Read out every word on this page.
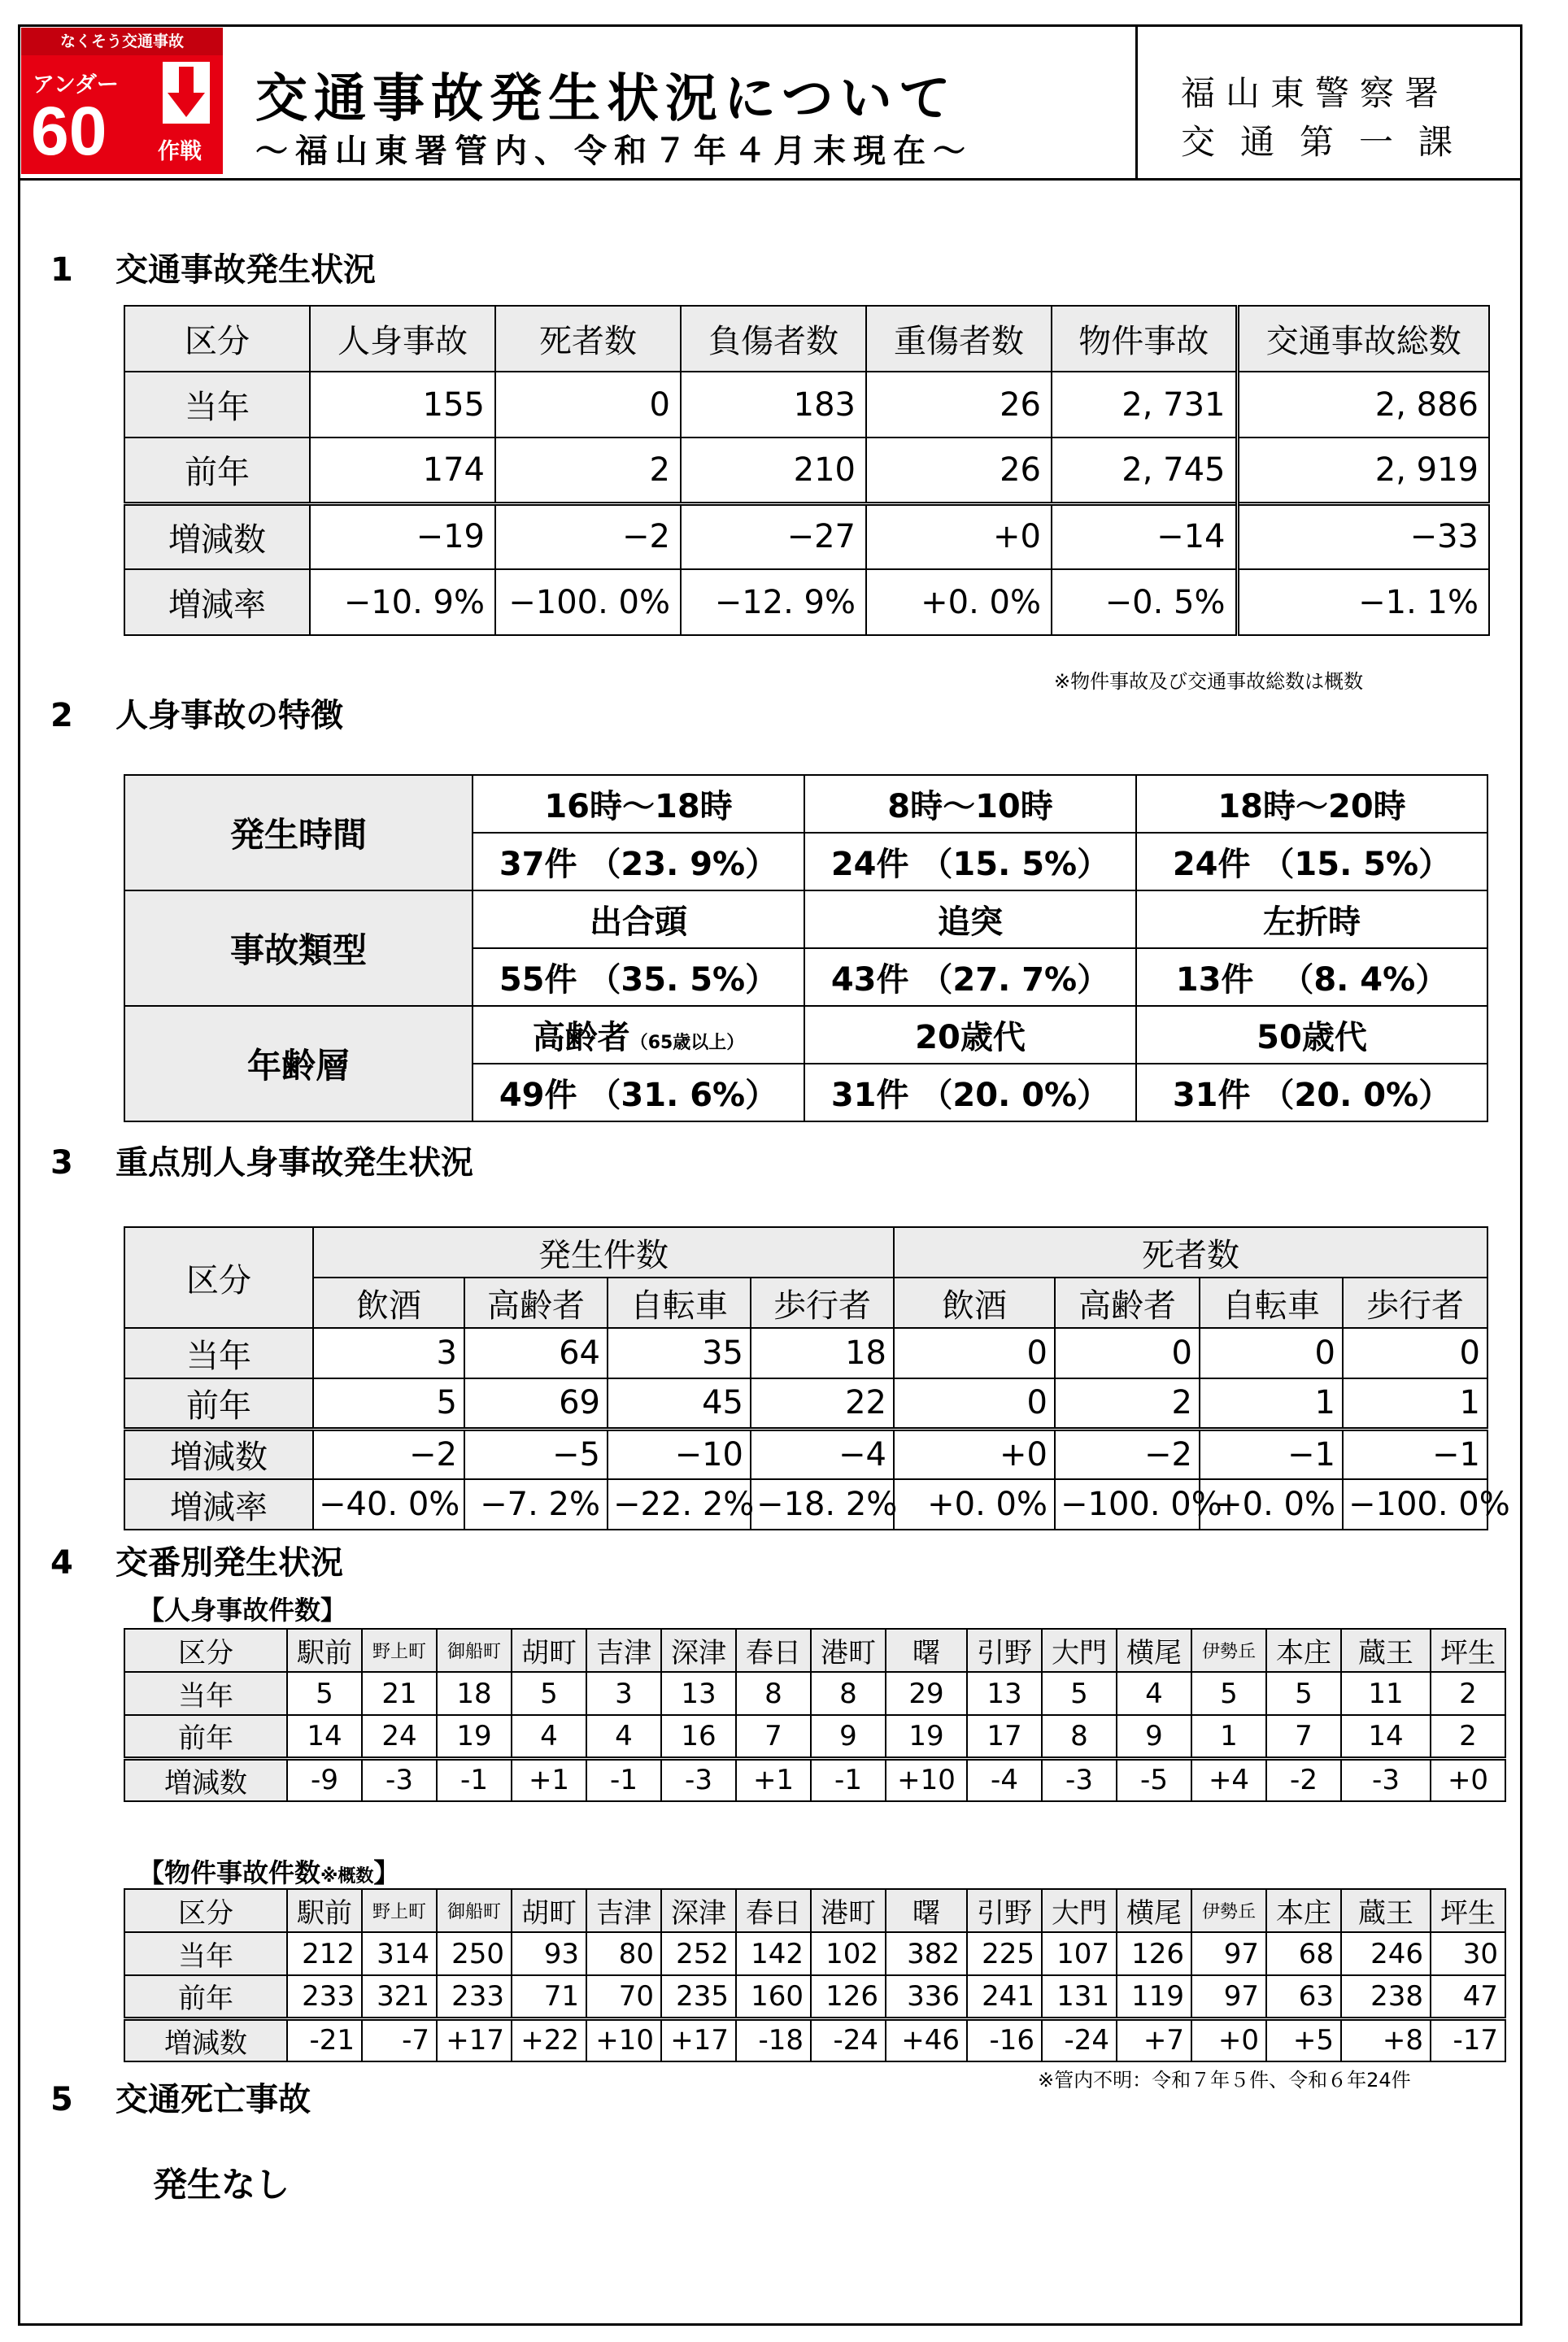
なくそう交通事故
アンダー
60 作戦
交通事故発生状況について
～福山東署管内、令和７年４月末現在～
福山東警察署
交通第一課
1 交通事故発生状況
区分	人身事故	死者数	負傷者数	重傷者数	物件事故	交通事故総数
当年	155	0	183	26	2, 731	2, 886
前年	174	2	210	26	2, 745	2, 919
増減数	−19	−2	−27	+0	−14	−33
増減率	−10. 9%	−100. 0%	−12. 9%	+0. 0%	−0. 5%	−1. 1%
※物件事故及び交通事故総数は概数
2 人身事故の特徴
発生時間	16時～18時	8時～10時	18時～20時
	37件 （23. 9%）	24件 （15. 5%）	24件 （15. 5%）
事故類型	出合頭	追突	左折時
	55件 （35. 5%）	43件 （27. 7%）	13件 　（8. 4%）
年齢層	高齢者（65歳以上）	20歳代	50歳代
	49件 （31. 6%）	31件 （20. 0%）	31件 （20. 0%）
3 重点別人身事故発生状況
区分	発生件数				死者数			
	飲酒	高齢者	自転車	歩行者	飲酒	高齢者	自転車	歩行者
当年	3	64	35	18	0	0	0	0
前年	5	69	45	22	0	2	1	1
増減数	−2	−5	−10	−4	+0	−2	−1	−1
増減率	−40. 0%	−7. 2%	−22. 2%	−18. 2%	+0. 0%	−100. 0%	+0. 0%	−100. 0%
4 交番別発生状況
【人身事故件数】
区分	駅前	野上町	御船町	胡町	吉津	深津	春日	港町	曙	引野	大門	横尾	伊勢丘	本庄	蔵王	坪生
当年	5	21	18	5	3	13	8	8	29	13	5	4	5	5	11	2
前年	14	24	19	4	4	16	7	9	19	17	8	9	1	7	14	2
増減数	-9	-3	-1	+1	-1	-3	+1	-1	+10	-4	-3	-5	+4	-2	-3	+0
【物件事故件数※概数】
区分	駅前	野上町	御船町	胡町	吉津	深津	春日	港町	曙	引野	大門	横尾	伊勢丘	本庄	蔵王	坪生
当年	212	314	250	93	80	252	142	102	382	225	107	126	97	68	246	30
前年	233	321	233	71	70	235	160	126	336	241	131	119	97	63	238	47
増減数	-21	-7	+17	+22	+10	+17	-18	-24	+46	-16	-24	+7	+0	+5	+8	-17
※管内不明：令和７年５件、令和６年24件
5 交通死亡事故
発生なし
